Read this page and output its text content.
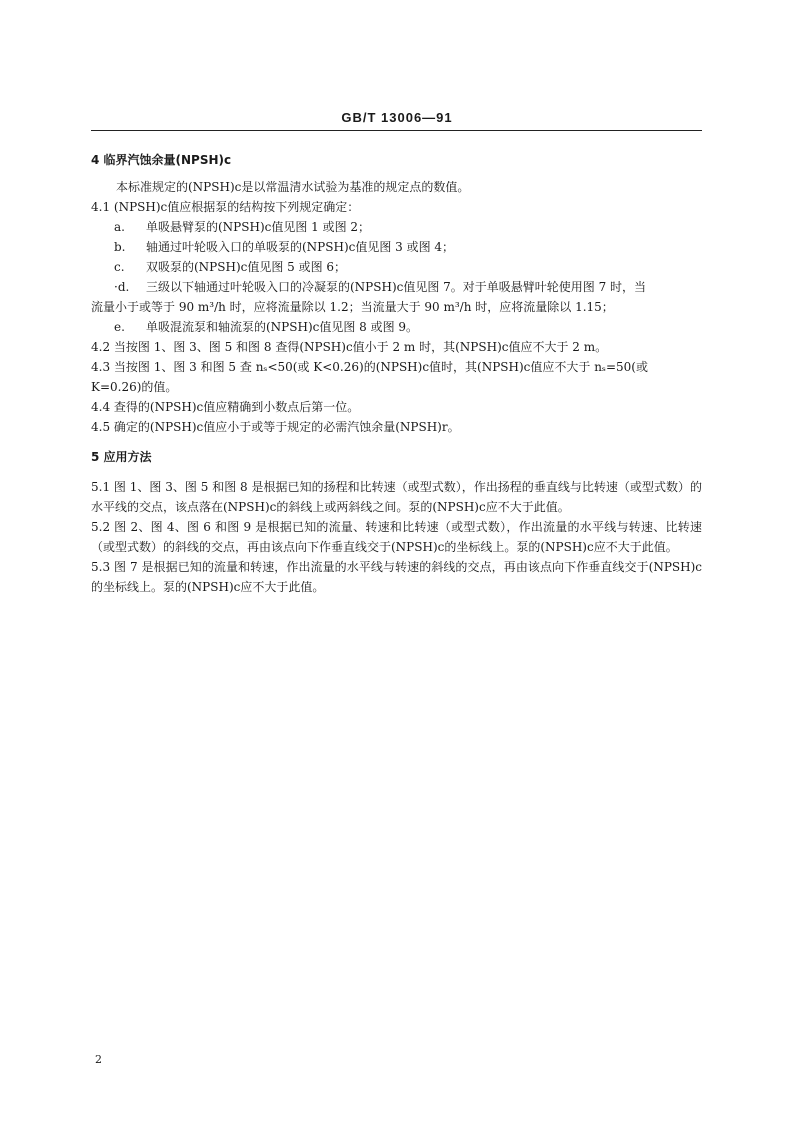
GB/T 13006—91
4 临界汽蚀余量(NPSH)c
本标准规定的(NPSH)c是以常温清水试验为基准的规定点的数值。
4.1 (NPSH)c值应根据泵的结构按下列规定确定：
a. 单吸悬臂泵的(NPSH)c值见图 1 或图 2；
b. 轴通过叶轮吸入口的单吸泵的(NPSH)c值见图 3 或图 4；
c. 双吸泵的(NPSH)c值见图 5 或图 6；
·d. 三级以下轴通过叶轮吸入口的冷凝泵的(NPSH)c值见图 7。对于单吸悬臂叶轮使用图 7 时，当
流量小于或等于 90 m³/h 时，应将流量除以 1.2；当流量大于 90 m³/h 时，应将流量除以 1.15；
e. 单吸混流泵和轴流泵的(NPSH)c值见图 8 或图 9。
4.2 当按图 1、图 3、图 5 和图 8 查得(NPSH)c值小于 2 m 时，其(NPSH)c值应不大于 2 m。
4.3 当按图 1、图 3 和图 5 查 nₛ<50(或 K<0.26)的(NPSH)c值时，其(NPSH)c值应不大于 nₛ=50(或
K=0.26)的值。
4.4 查得的(NPSH)c值应精确到小数点后第一位。
4.5 确定的(NPSH)c值应小于或等于规定的必需汽蚀余量(NPSH)r。
5 应用方法
5.1 图 1、图 3、图 5 和图 8 是根据已知的扬程和比转速（或型式数），作出扬程的垂直线与比转速（或型式数）的水平线的交点，该点落在(NPSH)c的斜线上或两斜线之间。泵的(NPSH)c应不大于此值。
5.2 图 2、图 4、图 6 和图 9 是根据已知的流量、转速和比转速（或型式数），作出流量的水平线与转速、比转速（或型式数）的斜线的交点，再由该点向下作垂直线交于(NPSH)c的坐标线上。泵的(NPSH)c应不大于此值。
5.3 图 7 是根据已知的流量和转速，作出流量的水平线与转速的斜线的交点，再由该点向下作垂直线交于(NPSH)c的坐标线上。泵的(NPSH)c应不大于此值。
2
